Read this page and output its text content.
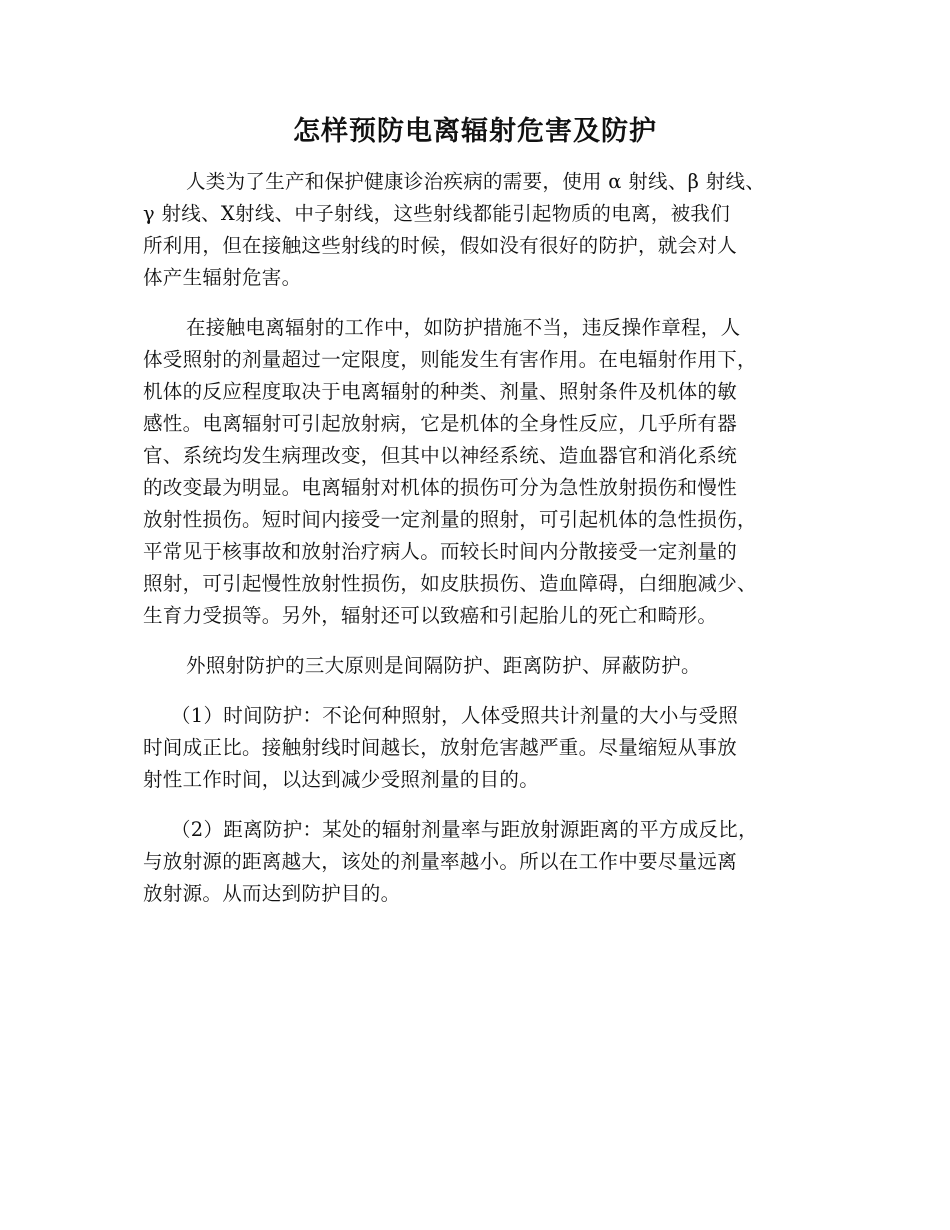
怎样预防电离辐射危害及防护

人类为了生产和保护健康诊治疾病的需要，使用 α 射线、β 射线、
γ 射线、X射线、中子射线，这些射线都能引起物质的电离，被我们
所利用，但在接触这些射线的时候，假如没有很好的防护，就会对人
体产生辐射危害。

在接触电离辐射的工作中，如防护措施不当，违反操作章程，人
体受照射的剂量超过一定限度，则能发生有害作用。在电辐射作用下，
机体的反应程度取决于电离辐射的种类、剂量、照射条件及机体的敏
感性。电离辐射可引起放射病，它是机体的全身性反应，几乎所有器
官、系统均发生病理改变，但其中以神经系统、造血器官和消化系统
的改变最为明显。电离辐射对机体的损伤可分为急性放射损伤和慢性
放射性损伤。短时间内接受一定剂量的照射，可引起机体的急性损伤，
平常见于核事故和放射治疗病人。而较长时间内分散接受一定剂量的
照射，可引起慢性放射性损伤，如皮肤损伤、造血障碍，白细胞减少、
生育力受损等。另外，辐射还可以致癌和引起胎儿的死亡和畸形。

外照射防护的三大原则是间隔防护、距离防护、屏蔽防护。

（1）时间防护：不论何种照射，人体受照共计剂量的大小与受照
时间成正比。接触射线时间越长，放射危害越严重。尽量缩短从事放
射性工作时间，以达到减少受照剂量的目的。

（2）距离防护：某处的辐射剂量率与距放射源距离的平方成反比，
与放射源的距离越大，该处的剂量率越小。所以在工作中要尽量远离
放射源。从而达到防护目的。
